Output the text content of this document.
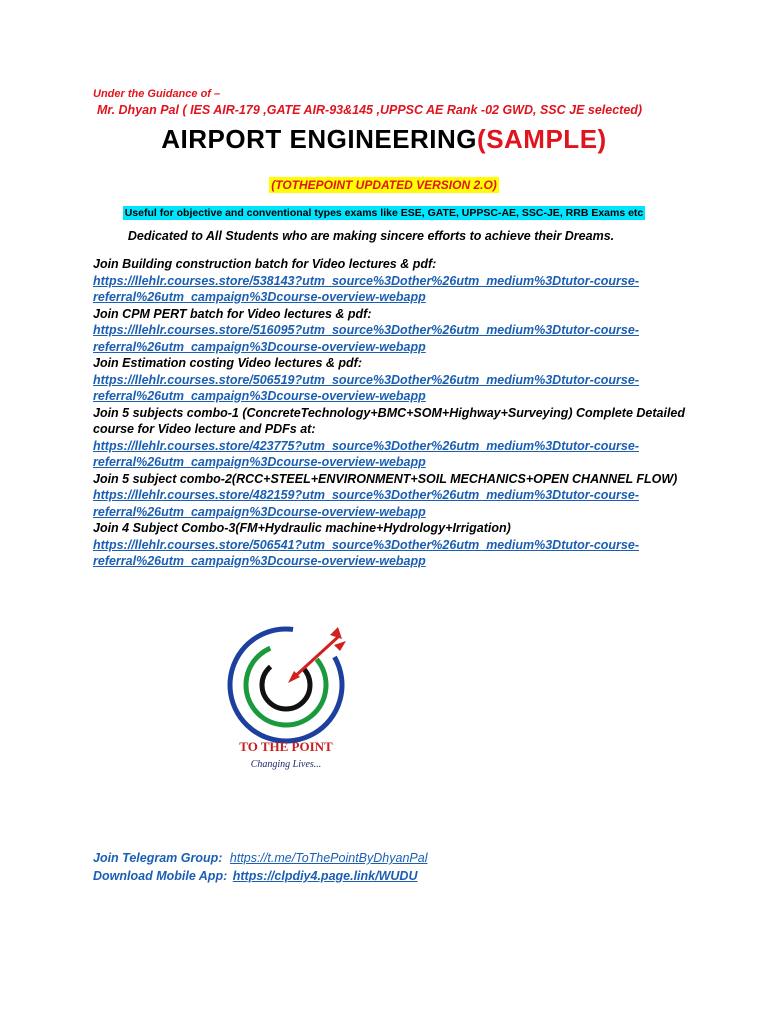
Under the Guidance of –
Mr. Dhyan Pal ( IES AIR-179 ,GATE AIR-93&145 ,UPPSC AE Rank -02 GWD, SSC JE selected)
AIRPORT ENGINEERING(SAMPLE)
(TOTHEPOINT UPDATED VERSION 2.O)
Useful for objective and conventional types exams like ESE, GATE, UPPSC-AE, SSC-JE, RRB Exams etc
Dedicated to All Students who are making sincere efforts to achieve their Dreams.
Join Building construction batch for Video lectures & pdf:
https://llehlr.courses.store/538143?utm_source%3Dother%26utm_medium%3Dtutor-course-
referral%26utm_campaign%3Dcourse-overview-webapp
Join CPM PERT batch for Video lectures & pdf:
https://llehlr.courses.store/516095?utm_source%3Dother%26utm_medium%3Dtutor-course-
referral%26utm_campaign%3Dcourse-overview-webapp
Join Estimation costing Video lectures & pdf:
https://llehlr.courses.store/506519?utm_source%3Dother%26utm_medium%3Dtutor-course-
referral%26utm_campaign%3Dcourse-overview-webapp
Join 5 subjects combo-1 (ConcreteTechnology+BMC+SOM+Highway+Surveying) Complete Detailed course for Video lecture and PDFs at:
https://llehlr.courses.store/423775?utm_source%3Dother%26utm_medium%3Dtutor-course-
referral%26utm_campaign%3Dcourse-overview-webapp
Join 5 subject combo-2(RCC+STEEL+ENVIRONMENT+SOIL MECHANICS+OPEN CHANNEL FLOW)
https://llehlr.courses.store/482159?utm_source%3Dother%26utm_medium%3Dtutor-course-
referral%26utm_campaign%3Dcourse-overview-webapp
Join 4 Subject Combo-3(FM+Hydraulic machine+Hydrology+Irrigation)
https://llehlr.courses.store/506541?utm_source%3Dother%26utm_medium%3Dtutor-course-
referral%26utm_campaign%3Dcourse-overview-webapp
TO THE POINT
Changing Lives...
Join Telegram Group: https://t.me/ToThePointByDhyanPal
Download Mobile App: https://clpdiy4.page.link/WUDU
